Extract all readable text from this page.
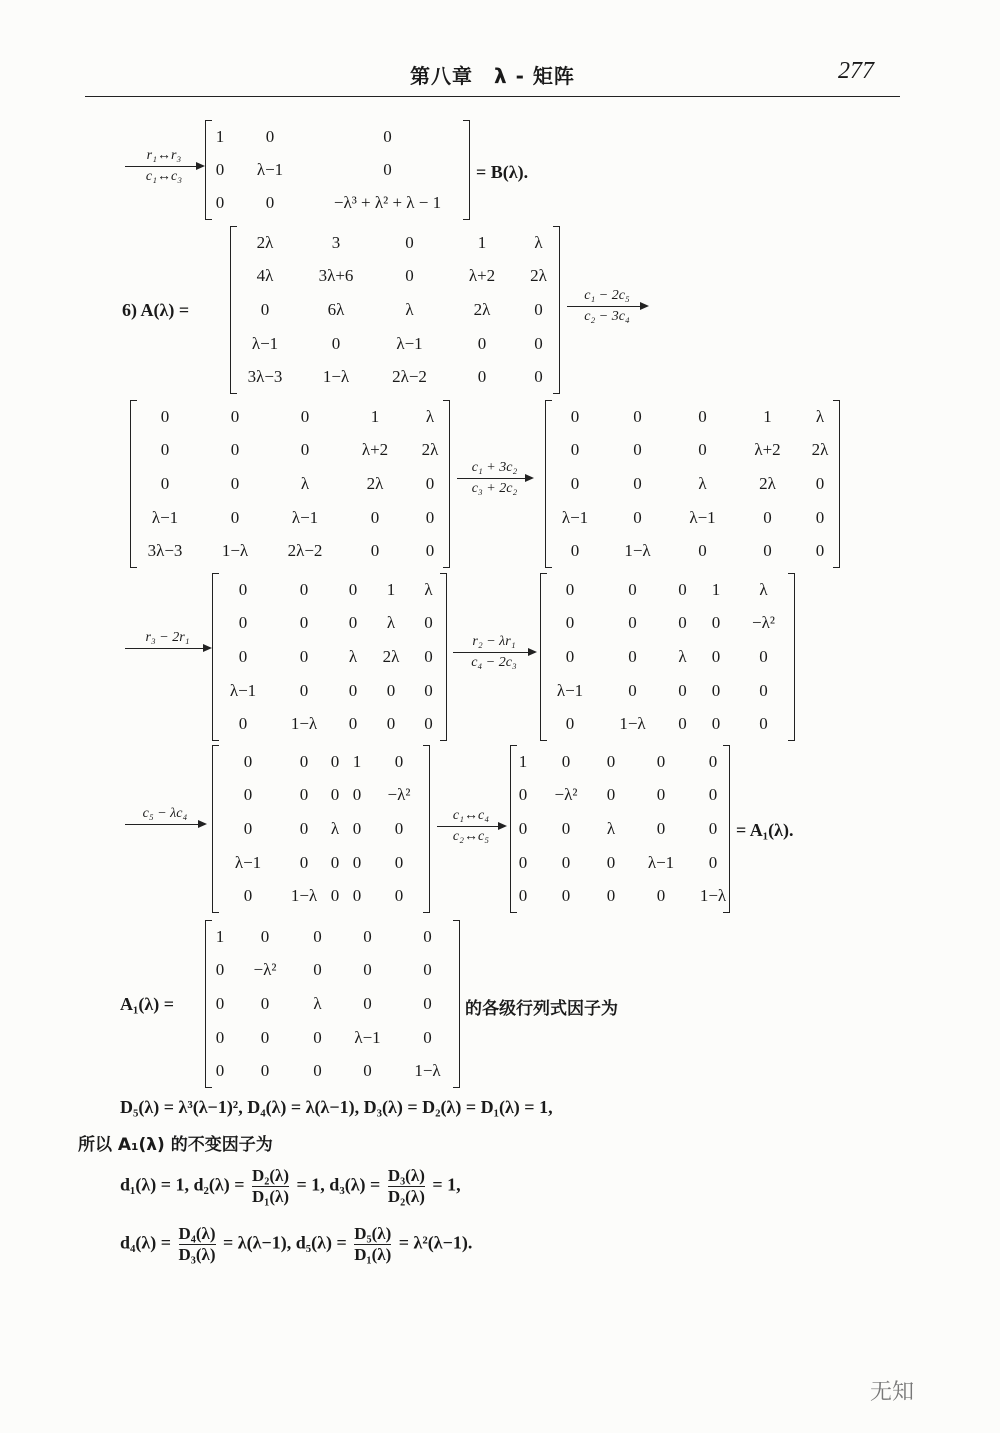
第八章　λ - 矩阵	277
r₁↔r₃
c₁↔c₃
1	0	0
0	λ−1	0
0	0	−λ³ + λ² + λ − 1
= B(λ).
6) A(λ) =
2λ	3	0	1	λ
4λ	3λ+6	0	λ+2	2λ
0	6λ	λ	2λ	0
λ−1	0	λ−1	0	0
3λ−3	1−λ	2λ−2	0	0
c₁ − 2c₅
c₂ − 3c₄
0	0	0	1	λ
0	0	0	λ+2	2λ
0	0	λ	2λ	0
λ−1	0	λ−1	0	0
3λ−3	1−λ	2λ−2	0	0
c₁ + 3c₂
c₃ + 2c₂
0	0	0	1	λ
0	0	0	λ+2	2λ
0	0	λ	2λ	0
λ−1	0	λ−1	0	0
0	1−λ	0	0	0
r₃ − 2r₁
0	0	0	1	λ
0	0	0	λ	0
0	0	λ	2λ	0
λ−1	0	0	0	0
0	1−λ	0	0	0
r₂ − λr₁
c₄ − 2c₃
0	0	0	1	λ
0	0	0	0	−λ²
0	0	λ	0	0
λ−1	0	0	0	0
0	1−λ	0	0	0
c₅ − λc₄
0	0	0	1	0
0	0	0	0	−λ²
0	0	λ	0	0
λ−1	0	0	0	0
0	1−λ	0	0	0
c₁↔c₄
c₂↔c₅
1	0	0	0	0
0	−λ²	0	0	0
0	0	λ	0	0
0	0	0	λ−1	0
0	0	0	0	1−λ
= A₁(λ).
A₁(λ) =
1	0	0	0	0
0	−λ²	0	0	0
0	0	λ	0	0
0	0	0	λ−1	0
0	0	0	0	1−λ
的各级行列式因子为
D₅(λ) = λ³(λ−1)², D₄(λ) = λ(λ−1), D₃(λ) = D₂(λ) = D₁(λ) = 1,
所以 A₁(λ) 的不变因子为
d₁(λ) = 1, $d_2(\lambda) = \frac{\text{D₂(λ)}}{\text{D₁(λ)}} = 1$, $d_3(\lambda) = \frac{\text{D₃(λ)}}{\text{D₂(λ)}} = 1$,
$d_4(\lambda) = \frac{\text{D₄(λ)}}{\text{D₃(λ)}} = \lambda(\lambda-1)$, $d_5(\lambda) = \frac{\text{D₅(λ)}}{\text{D₁(λ)}} = \lambda^2(\lambda-1)$.
无知
